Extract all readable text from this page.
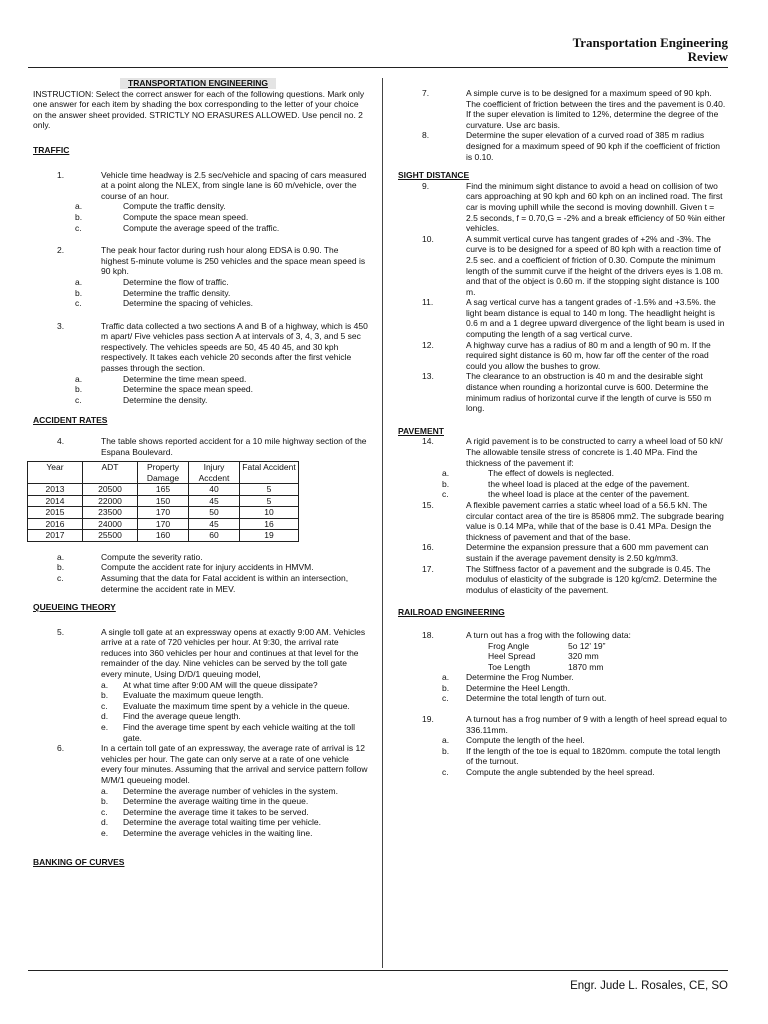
Transportation Engineering
Review
TRANSPORTATION ENGINEERING

INSTRUCTION: Select the correct answer for each of the following questions. Mark only one answer for each item by shading the box corresponding to the letter of your choice on the answer sheet provided. STRICTLY NO ERASURES ALLOWED. Use pencil no. 2 only.

TRAFFIC

1.	Vehicle time headway is 2.5 sec/vehicle and spacing of cars measured at a point along the NLEX, from single lane is 60 m/vehicle, over the course of an hour.
a.	Compute the traffic density.
b.	Compute the space mean speed.
c.	Compute the average speed of the traffic.
2.	The peak hour factor during rush hour along EDSA is 0.90. The highest 5-minute volume is 250 vehicles and the space mean speed is 90 kph.
a.	Determine the flow of traffic.
b.	Determine the traffic density.
c.	Determine the spacing of vehicles.
3.	Traffic data collected a two sections A and B of a highway, which is 450 m apart/ Five vehicles pass section A at intervals of 3, 4, 3, and 5 sec respectively. The vehicles speeds are 50, 45 40 45, and 30 kph respectively. It takes each vehicle 20 seconds after the first vehicle passes through the section.
a.	Determine the time mean speed.
b.	Determine the space mean speed.
c.	Determine the density.

ACCIDENT RATES

4.	The table shows reported accident for a 10 mile highway section of the Espana Boulevard.
Year	ADT	Property Damage	Injury Accdent	Fatal Accident
2013	20500	165	40	5
2014	22000	150	45	5
2015	23500	170	50	10
2016	24000	170	45	16
2017	25500	160	60	19
a.	Compute the severity ratio.
b.	Compute the accident rate for injury accidents in HMVM.
c.	Assuming that the data for Fatal accident is within an intersection, determine the accident rate in MEV.

QUEUEING THEORY

5.	A single toll gate at an expressway opens at exactly 9:00 AM. Vehicles arrive at a rate of 720 vehicles per hour. At 9:30, the arrival rate reduces into 360 vehicles per hour and continues at that level for the remainder of the day. Nine vehicles can be served by the toll gate every minute, Using D/D/1 queuing model,
a. At what time after 9:00 AM will the queue dissipate?
b. Evaluate the maximum queue length.
c. Evaluate the maximum time spent by a vehicle in the queue.
d. Find the average queue length.
e. Find the average time spent by each vehicle waiting at the toll gate.
6.	In a certain toll gate of an expressway, the average rate of arrival is 12 vehicles per hour. The gate can only serve at a rate of one vehicle every four minutes. Assuming that the arrival and service pattern follow M/M/1 queueing model.
a. Determine the average number of vehicles in the system.
b. Determine the average waiting time in the queue.
c. Determine the average time it takes to be served.
d. Determine the average total waiting time per vehicle.
e. Determine the average vehicles in the waiting line.

BANKING OF CURVES

7.	A simple curve is to be designed for a maximum speed of 90 kph. The coefficient of friction between the tires and the pavement is 0.40. If the super elevation is limited to 12%, determine the degree of the curvature. Use arc basis.
8.	Determine the super elevation of a curved road of 385 m radius designed for a maximum speed of 90 kph if the coefficient of friction is 0.10.

SIGHT DISTANCE

9.	Find the minimum sight distance to avoid a head on collision of two cars approaching at 90 kph and 60 kph on an inclined road. The first car is moving uphill while the second is moving downhill. Given t = 2.5 seconds, f = 0.70,G = -2% and a break efficiency of 50 %in either vehicles.
10.	A summit vertical curve has tangent grades of +2% and -3%. The curve is to be designed for a speed of 80 kph with a reaction time of 2.5 sec. and a coefficient of friction of 0.30. Compute the minimum length of the summit curve if the height of the drivers eyes is 1.08 m. and that of the object is 0.60 m. if the stopping sight distance is 100 m.
11.	A sag vertical curve has a tangent grades of -1.5% and +3.5%. the light beam distance is equal to 140 m long. The headlight height is 0.6 m and a 1 degree upward divergence of the light beam is used in computing the length of a sag vertical curve.
12.	A highway curve has a radius of 80 m and a length of 90 m. If the required sight distance is 60 m, how far off the center of the road could you allow the bushes to grow.
13.	The clearance to an obstruction is 40 m and the desirable sight distance when rounding a horizontal curve is 600. Determine the minimum radius of horizontal curve if the length of curve is 550 m long.

PAVEMENT

14.	A rigid pavement is to be constructed to carry a wheel load of 50 kN/ The allowable tensile stress of concrete is 1.40 MPa. Find the thickness of the pavement if:
a.	The effect of dowels is neglected.
b.	the wheel load is placed at the edge of the pavement.
c.	the wheel load is place at the center of the pavement.
15.	A flexible pavement carries a static wheel load of a 56.5 kN. The circular contact area of the tire is 85806 mm2. The subgrade bearing value is 0.14 MPa, while that of the base is 0.41 MPa. Design the thickness of pavement and that of the base.
16.	Determine the expansion pressure that a 600 mm pavement can sustain if the average pavement density is 2.50 kg/mm3.
17.	The Stiffness factor of a pavement and the subgrade is 0.45. The modulus of elasticity of the subgrade is 120 kg/cm2. Determine the modulus of elasticity of the pavement.

RAILROAD ENGINEERING

18.	A turn out has a frog with the following data:
Frog Angle	5o 12’ 19”
Heel Spread	320 mm
Toe Length	1870 mm
a. Determine the Frog Number.
b. Determine the Heel Length.
c. Determine the total length of turn out.
19.	A turnout has a frog number of 9 with a length of heel spread equal to 336.11mm.
a. Compute the length of the heel.
b. If the length of the toe is equal to 1820mm. compute the total length of the turnout.
c. Compute the angle subtended by the heel spread.
Engr. Jude L. Rosales, CE, SO
